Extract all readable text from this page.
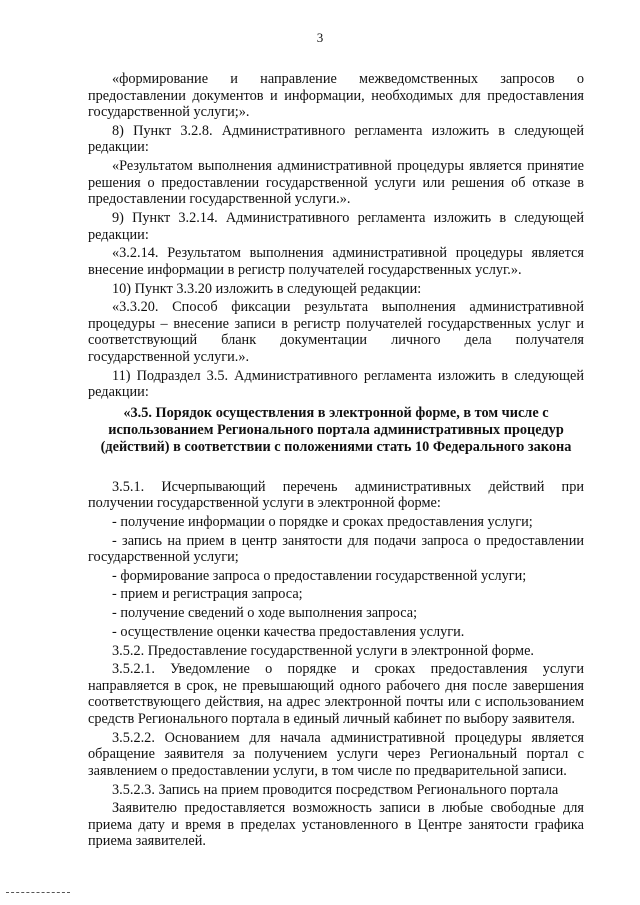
3

«формирование и направление межведомственных запросов о предоставлении документов и информации, необходимых для предоставления государственной услуги;».

8) Пункт 3.2.8. Административного регламента изложить в следующей редакции:

«Результатом выполнения административной процедуры является принятие решения о предоставлении государственной услуги или решения об отказе в предоставлении государственной услуги.».

9) Пункт 3.2.14. Административного регламента изложить в следующей редакции:

«3.2.14. Результатом выполнения административной процедуры является внесение информации в регистр получателей государственных услуг.».

10) Пункт 3.3.20 изложить в следующей редакции:

«3.3.20. Способ фиксации результата выполнения административной процедуры – внесение записи в регистр получателей государственных услуг и соответствующий бланк документации личного дела получателя государственной услуги.».

11) Подраздел 3.5. Административного регламента изложить в следующей редакции:

«3.5. Порядок осуществления в электронной форме, в том числе с использованием Регионального портала административных процедур (действий) в соответствии с положениями стать 10 Федерального закона

3.5.1. Исчерпывающий перечень административных действий при получении государственной услуги в электронной форме:

- получение информации о порядке и сроках предоставления услуги;

- запись на прием в центр занятости для подачи запроса о предоставлении государственной услуги;

- формирование запроса о предоставлении государственной услуги;

- прием и регистрация запроса;

- получение сведений о ходе выполнения запроса;

- осуществление оценки качества предоставления услуги.

3.5.2. Предоставление государственной услуги в электронной форме.

3.5.2.1. Уведомление о порядке и сроках предоставления услуги направляется в срок, не превышающий одного рабочего дня после завершения соответствующего действия, на адрес электронной почты или с использованием средств Регионального портала в единый личный кабинет по выбору заявителя.

3.5.2.2. Основанием для начала административной процедуры является обращение заявителя за получением услуги через Региональный портал с заявлением о предоставлении услуги, в том числе по предварительной записи.

3.5.2.3. Запись на прием проводится посредством Регионального портала

Заявителю предоставляется возможность записи в любые свободные для приема дату и время в пределах установленного в Центре занятости графика приема заявителей.
